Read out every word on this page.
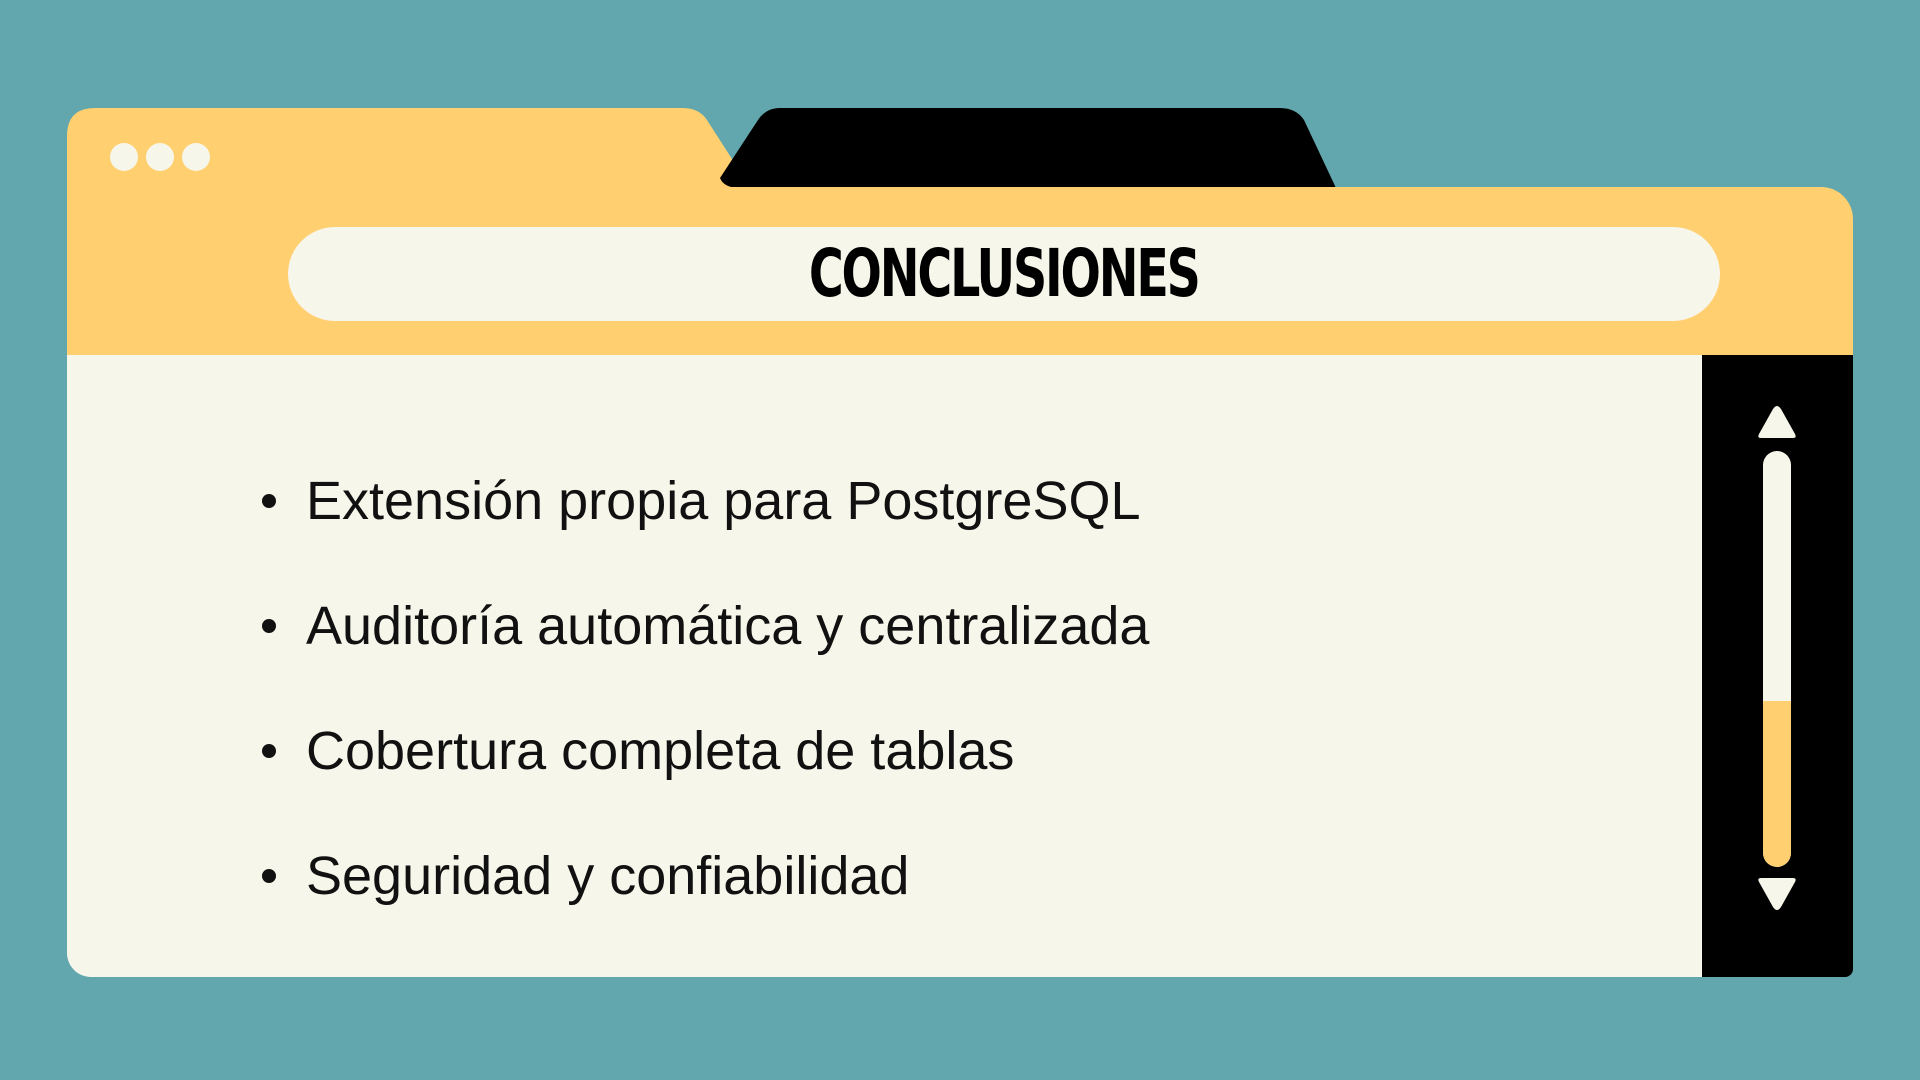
CONCLUSIONES
Extensión propia para PostgreSQL
Auditoría automática y centralizada
Cobertura completa de tablas
Seguridad y confiabilidad
